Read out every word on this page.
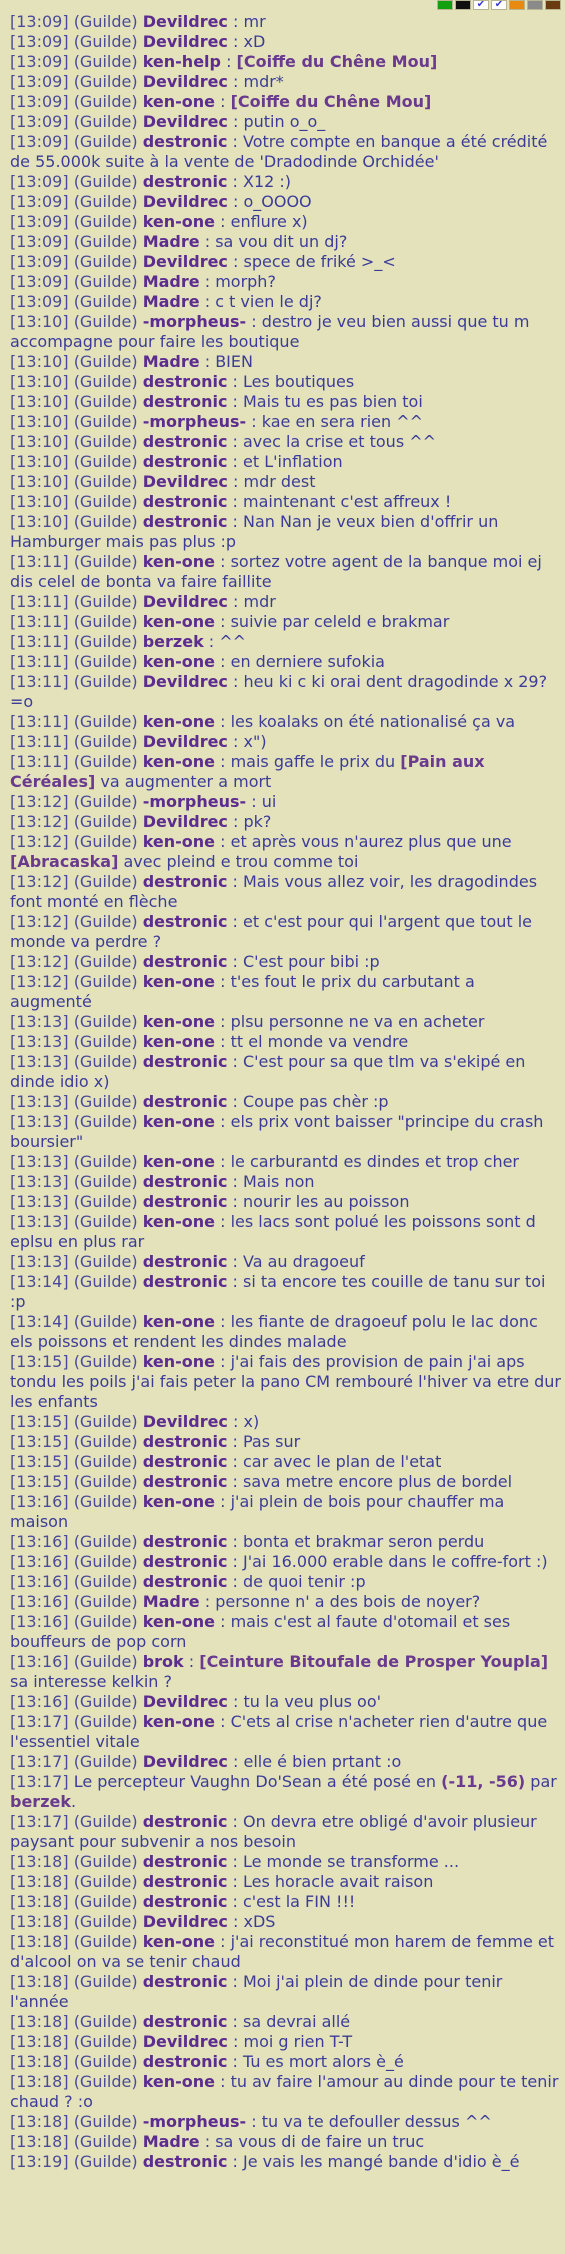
✔ ✔
[13:09] (Guilde) Devildrec : mr
[13:09] (Guilde) Devildrec : xD
[13:09] (Guilde) ken-help : [Coiffe du Chêne Mou]
[13:09] (Guilde) Devildrec : mdr*
[13:09] (Guilde) ken-one : [Coiffe du Chêne Mou]
[13:09] (Guilde) Devildrec : putin o_o_
[13:09] (Guilde) destronic : Votre compte en banque a été crédité de 55.000k suite à la vente de 'Dradodinde Orchidée'
[13:09] (Guilde) destronic : X12 :)
[13:09] (Guilde) Devildrec : o_OOOO
[13:09] (Guilde) ken-one : enflure x)
[13:09] (Guilde) Madre : sa vou dit un dj?
[13:09] (Guilde) Devildrec : spece de friké >_<
[13:09] (Guilde) Madre : morph?
[13:09] (Guilde) Madre : c t vien le dj?
[13:10] (Guilde) -morpheus- : destro je veu bien aussi que tu m accompagne pour faire les boutique
[13:10] (Guilde) Madre : BIEN
[13:10] (Guilde) destronic : Les boutiques
[13:10] (Guilde) destronic : Mais tu es pas bien toi
[13:10] (Guilde) -morpheus- : kae en sera rien ^^
[13:10] (Guilde) destronic : avec la crise et tous ^^
[13:10] (Guilde) destronic : et L'inflation
[13:10] (Guilde) Devildrec : mdr dest
[13:10] (Guilde) destronic : maintenant c'est affreux !
[13:10] (Guilde) destronic : Nan Nan je veux bien d'offrir un Hamburger mais pas plus :p
[13:11] (Guilde) ken-one : sortez votre agent de la banque moi ej dis celel de bonta va faire faillite
[13:11] (Guilde) Devildrec : mdr
[13:11] (Guilde) ken-one : suivie par celeld e brakmar
[13:11] (Guilde) berzek : ^^
[13:11] (Guilde) ken-one : en derniere sufokia
[13:11] (Guilde) Devildrec : heu ki c ki orai dent dragodinde x 29? =o
[13:11] (Guilde) ken-one : les koalaks on été nationalisé ça va
[13:11] (Guilde) Devildrec : x")
[13:11] (Guilde) ken-one : mais gaffe le prix du [Pain aux Céréales] va augmenter a mort
[13:12] (Guilde) -morpheus- : ui
[13:12] (Guilde) Devildrec : pk?
[13:12] (Guilde) ken-one : et après vous n'aurez plus que une [Abracaska] avec pleind e trou comme toi
[13:12] (Guilde) destronic : Mais vous allez voir, les dragodindes font monté en flèche
[13:12] (Guilde) destronic : et c'est pour qui l'argent que tout le monde va perdre ?
[13:12] (Guilde) destronic : C'est pour bibi :p
[13:12] (Guilde) ken-one : t'es fout le prix du carbutant a augmenté
[13:13] (Guilde) ken-one : plsu personne ne va en acheter
[13:13] (Guilde) ken-one : tt el monde va vendre
[13:13] (Guilde) destronic : C'est pour sa que tlm va s'ekipé en dinde idio x)
[13:13] (Guilde) destronic : Coupe pas chèr :p
[13:13] (Guilde) ken-one : els prix vont baisser "principe du crash boursier"
[13:13] (Guilde) ken-one : le carburantd es dindes et trop cher
[13:13] (Guilde) destronic : Mais non
[13:13] (Guilde) destronic : nourir les au poisson
[13:13] (Guilde) ken-one : les lacs sont polué les poissons sont d eplsu en plus rar
[13:13] (Guilde) destronic : Va au dragoeuf
[13:14] (Guilde) destronic : si ta encore tes couille de tanu sur toi :p
[13:14] (Guilde) ken-one : les fiante de dragoeuf polu le lac donc els poissons et rendent les dindes malade
[13:15] (Guilde) ken-one : j'ai fais des provision de pain j'ai aps tondu les poils j'ai fais peter la pano CM rembouré l'hiver va etre dur les enfants
[13:15] (Guilde) Devildrec : x)
[13:15] (Guilde) destronic : Pas sur
[13:15] (Guilde) destronic : car avec le plan de l'etat
[13:15] (Guilde) destronic : sava metre encore plus de bordel
[13:16] (Guilde) ken-one : j'ai plein de bois pour chauffer ma maison
[13:16] (Guilde) destronic : bonta et brakmar seron perdu
[13:16] (Guilde) destronic : J'ai 16.000 erable dans le coffre-fort :)
[13:16] (Guilde) destronic : de quoi tenir :p
[13:16] (Guilde) Madre : personne n' a des bois de noyer?
[13:16] (Guilde) ken-one : mais c'est al faute d'otomail et ses bouffeurs de pop corn
[13:16] (Guilde) brok : [Ceinture Bitoufale de Prosper Youpla] sa interesse kelkin ?
[13:16] (Guilde) Devildrec : tu la veu plus oo'
[13:17] (Guilde) ken-one : C'ets al crise n'acheter rien d'autre que l'essentiel vitale
[13:17] (Guilde) Devildrec : elle é bien prtant :o
[13:17] Le percepteur Vaughn Do'Sean a été posé en (-11, -56) par berzek.
[13:17] (Guilde) destronic : On devra etre obligé d'avoir plusieur paysant pour subvenir a nos besoin
[13:18] (Guilde) destronic : Le monde se transforme ...
[13:18] (Guilde) destronic : Les horacle avait raison
[13:18] (Guilde) destronic : c'est la FIN !!!
[13:18] (Guilde) Devildrec : xDS
[13:18] (Guilde) ken-one : j'ai reconstitué mon harem de femme et d'alcool on va se tenir chaud
[13:18] (Guilde) destronic : Moi j'ai plein de dinde pour tenir l'année
[13:18] (Guilde) destronic : sa devrai allé
[13:18] (Guilde) Devildrec : moi g rien T-T
[13:18] (Guilde) destronic : Tu es mort alors è_é
[13:18] (Guilde) ken-one : tu av faire l'amour au dinde pour te tenir chaud ? :o
[13:18] (Guilde) -morpheus- : tu va te defouller dessus ^^
[13:18] (Guilde) Madre : sa vous di de faire un truc
[13:19] (Guilde) destronic : Je vais les mangé bande d'idio è_é
